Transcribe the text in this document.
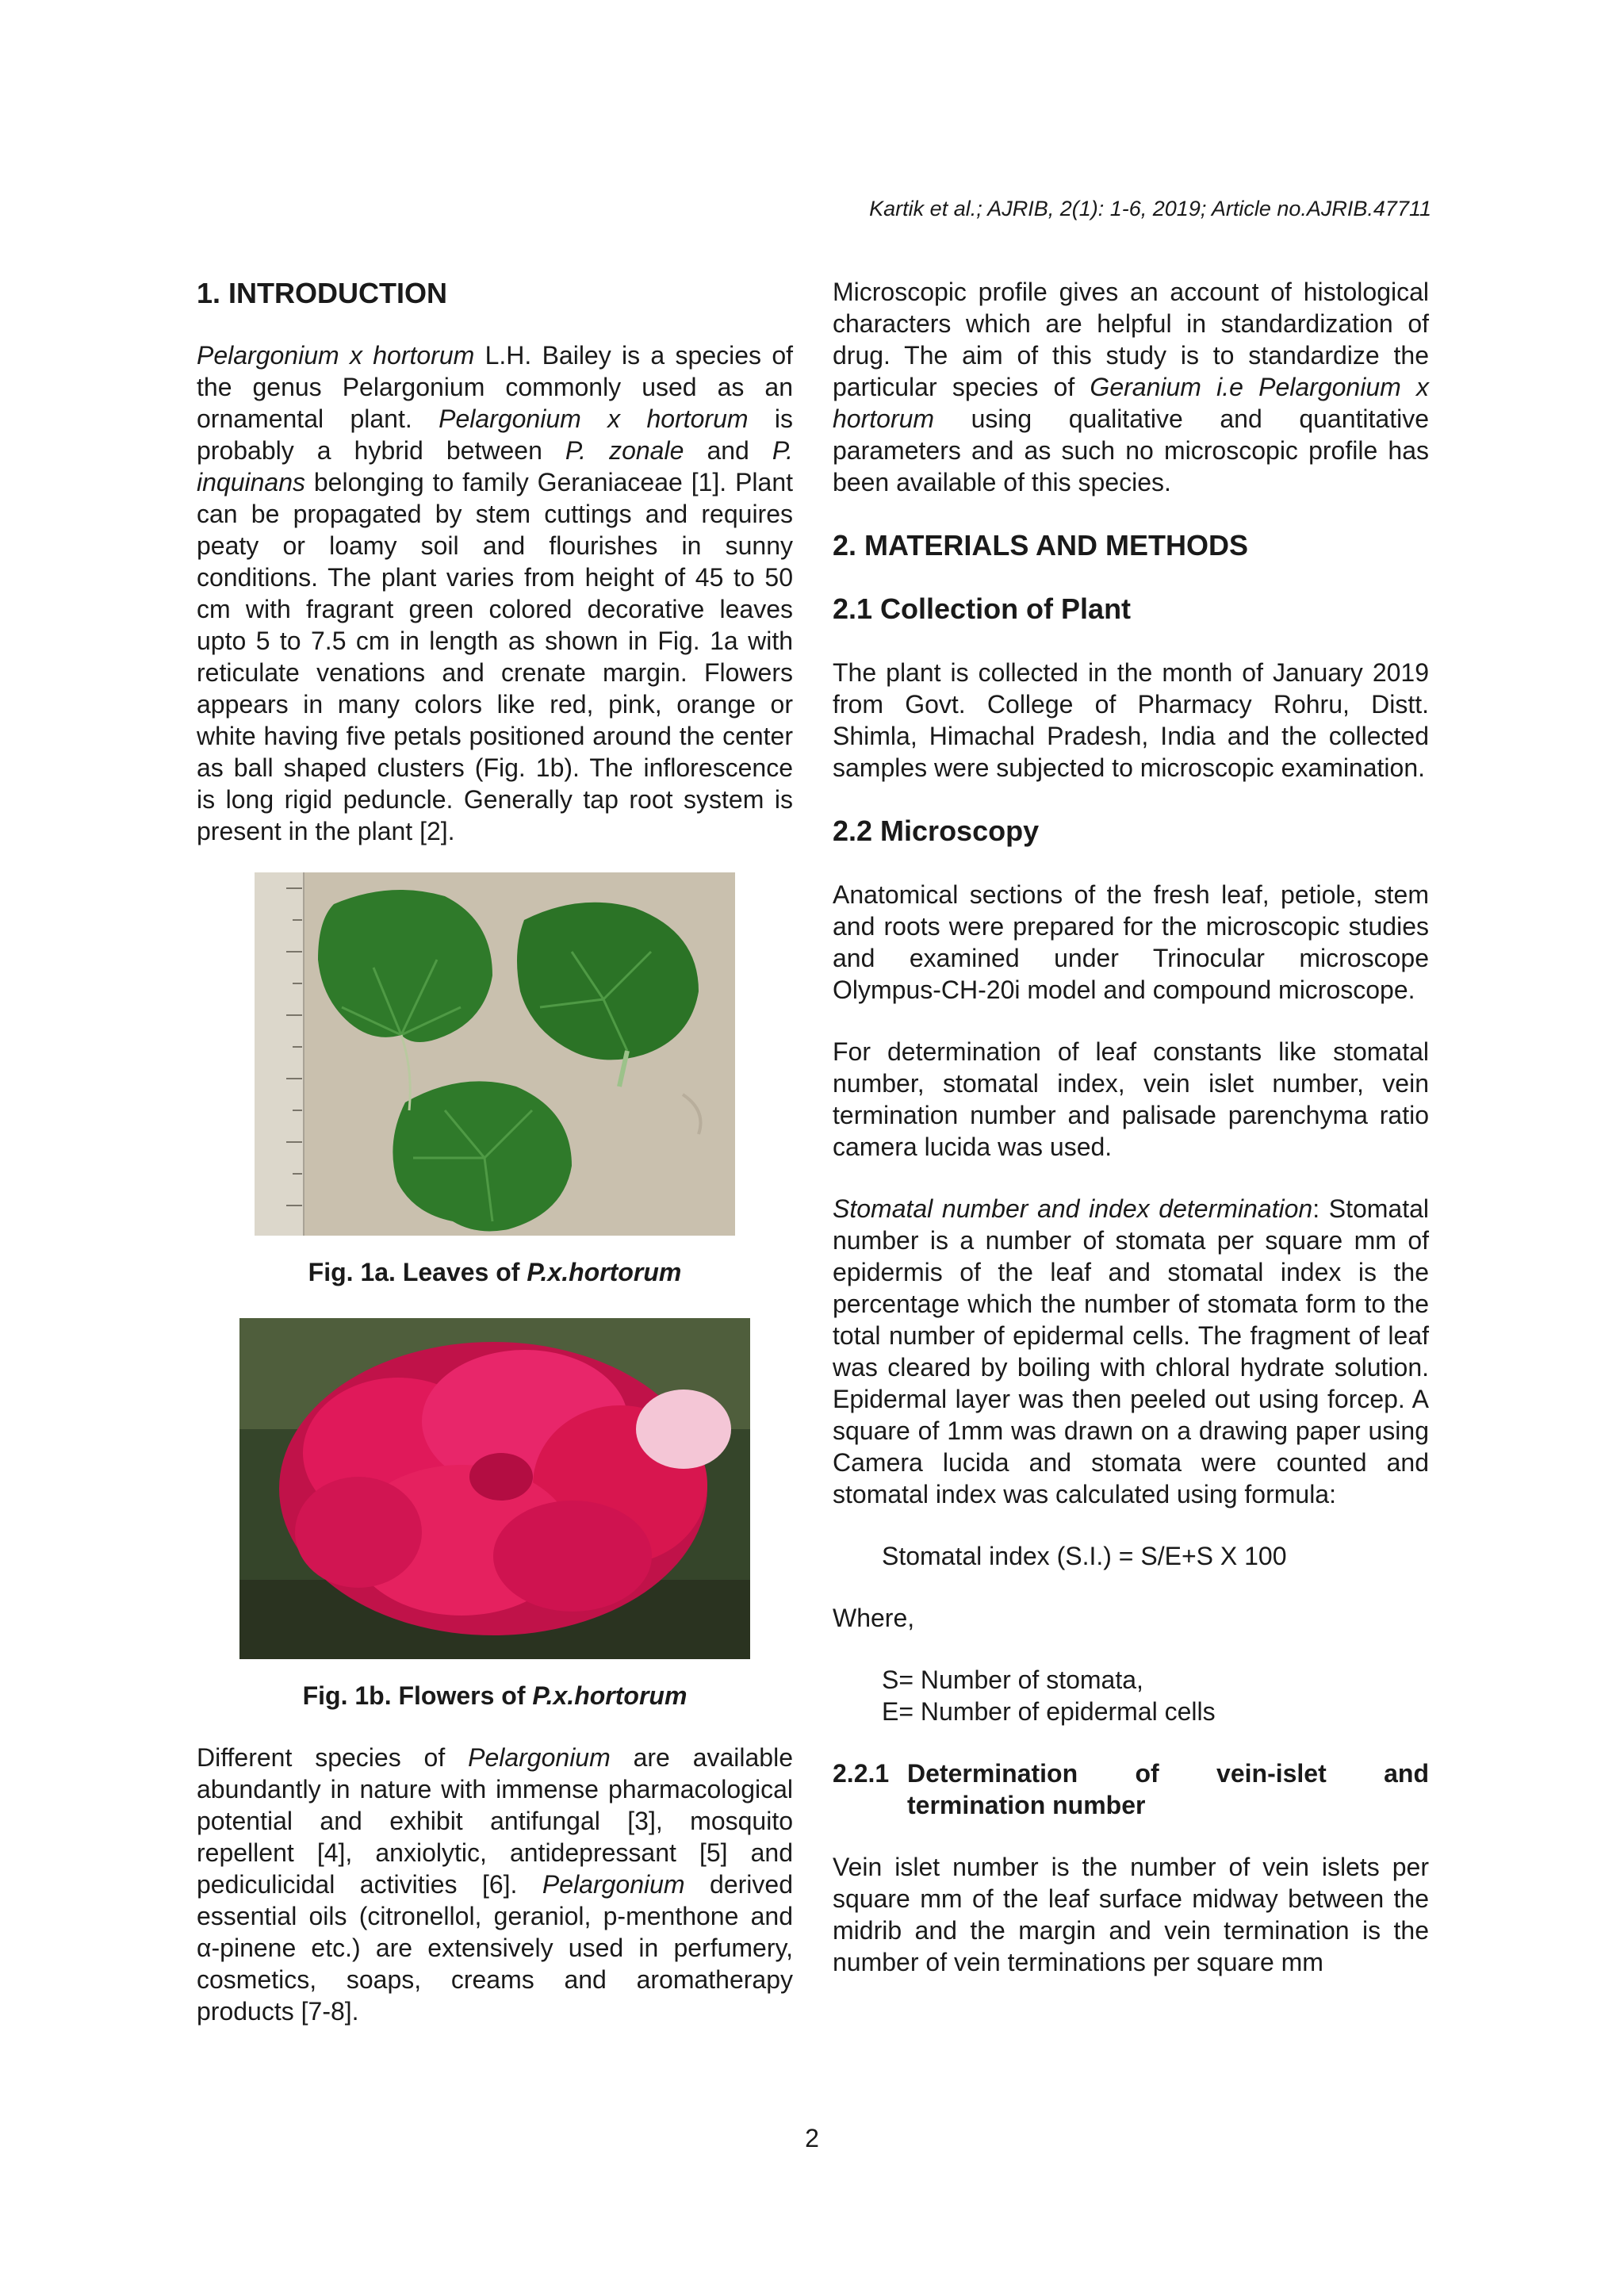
Kartik et al.; AJRIB, 2(1): 1-6, 2019; Article no.AJRIB.47711
1. INTRODUCTION

Pelargonium x hortorum L.H. Bailey is a species of the genus Pelargonium commonly used as an ornamental plant. Pelargonium x hortorum is probably a hybrid between P. zonale and P. inquinans belonging to family Geraniaceae [1]. Plant can be propagated by stem cuttings and requires peaty or loamy soil and flourishes in sunny conditions. The plant varies from height of 45 to 50 cm with fragrant green colored decorative leaves upto 5 to 7.5 cm in length as shown in Fig. 1a with reticulate venations and crenate margin. Flowers appears in many colors like red, pink, orange or white having five petals positioned around the center as ball shaped clusters (Fig. 1b). The inflorescence is long rigid peduncle. Generally tap root system is present in the plant [2].

Fig. 1a. Leaves of P.x.hortorum
Fig. 1b. Flowers of P.x.hortorum

Different species of Pelargonium are available abundantly in nature with immense pharmacological potential and exhibit antifungal [3], mosquito repellent [4], anxiolytic, antidepressant [5] and pediculicidal activities [6]. Pelargonium derived essential oils (citronellol, geraniol, p-menthone and α-pinene etc.) are extensively used in perfumery, cosmetics, soaps, creams and aromatherapy products [7-8].

Microscopic profile gives an account of histological characters which are helpful in standardization of drug. The aim of this study is to standardize the particular species of Geranium i.e Pelargonium x hortorum using qualitative and quantitative parameters and as such no microscopic profile has been available of this species.

2. MATERIALS AND METHODS
2.1 Collection of Plant

The plant is collected in the month of January 2019 from Govt. College of Pharmacy Rohru, Distt. Shimla, Himachal Pradesh, India and the collected samples were subjected to microscopic examination.

2.2 Microscopy

Anatomical sections of the fresh leaf, petiole, stem and roots were prepared for the microscopic studies and examined under Trinocular microscope Olympus-CH-20i model and compound microscope.

For determination of leaf constants like stomatal number, stomatal index, vein islet number, vein termination number and palisade parenchyma ratio camera lucida was used.

Stomatal number and index determination: Stomatal number is a number of stomata per square mm of epidermis of the leaf and stomatal index is the percentage which the number of stomata form to the total number of epidermal cells. The fragment of leaf was cleared by boiling with chloral hydrate solution. Epidermal layer was then peeled out using forcep. A square of 1mm was drawn on a drawing paper using Camera lucida and stomata were counted and stomatal index was calculated using formula:

Stomatal index (S.I.) = S/E+S X 100

Where,

S= Number of stomata,
E= Number of epidermal cells
2.2.1 Determination of vein-islet and
termination number

Vein islet number is the number of vein islets per square mm of the leaf surface midway between the midrib and the margin and vein termination is the number of vein terminations per square mm

2
